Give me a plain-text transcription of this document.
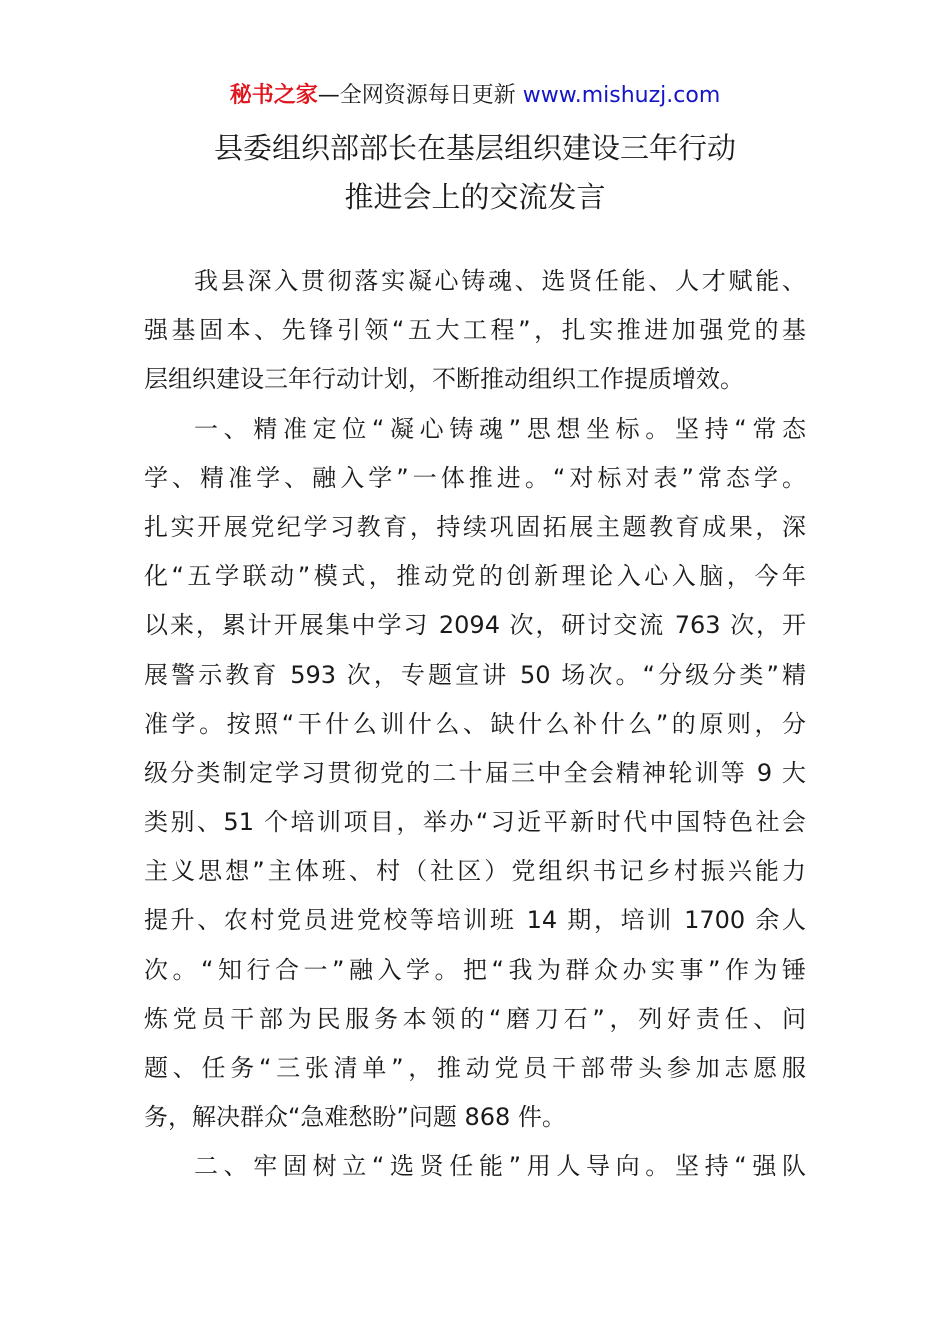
秘书之家—全网资源每日更新 www.mishuzj.com
县委组织部部长在基层组织建设三年行动
推进会上的交流发言
我县深入贯彻落实凝心铸魂、选贤任能、人才赋能、
强基固本、先锋引领“五大工程”，扎实推进加强党的基
层组织建设三年行动计划，不断推动组织工作提质增效。
一、精准定位“凝心铸魂”思想坐标。坚持“常态
学、精准学、融入学”一体推进。“对标对表”常态学。
扎实开展党纪学习教育，持续巩固拓展主题教育成果，深
化“五学联动”模式，推动党的创新理论入心入脑，今年
以来，累计开展集中学习 2094 次，研讨交流 763 次，开
展警示教育 593 次，专题宣讲 50 场次。“分级分类”精
准学。按照“干什么训什么、缺什么补什么”的原则，分
级分类制定学习贯彻党的二十届三中全会精神轮训等 9 大
类别、51 个培训项目，举办“习近平新时代中国特色社会
主义思想”主体班、村（社区）党组织书记乡村振兴能力
提升、农村党员进党校等培训班 14 期，培训 1700 余人
次。“知行合一”融入学。把“我为群众办实事”作为锤
炼党员干部为民服务本领的“磨刀石”，列好责任、问
题、任务“三张清单”，推动党员干部带头参加志愿服
务，解决群众“急难愁盼”问题 868 件。
二、牢固树立“选贤任能”用人导向。坚持“强队
